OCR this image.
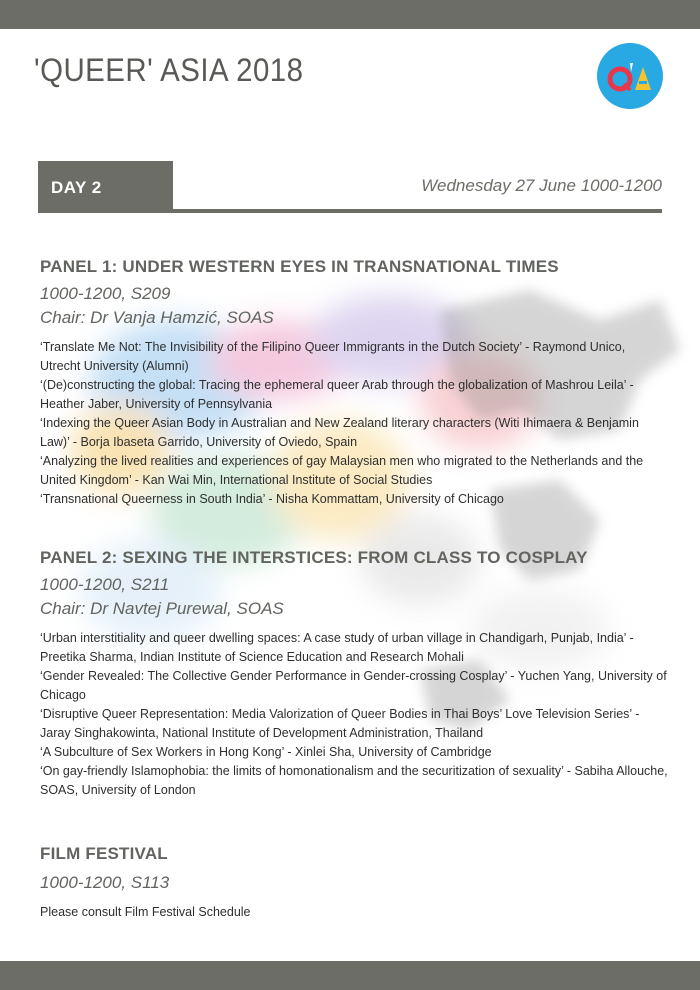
'QUEER' ASIA 2018
DAY 2	Wednesday 27 June 1000-1200
PANEL 1: UNDER WESTERN EYES IN TRANSNATIONAL TIMES
1000-1200, S209
Chair: Dr Vanja Hamzić, SOAS
‘Translate Me Not: The Invisibility of the Filipino Queer Immigrants in the Dutch Society’ - Raymond Unico, Utrecht University (Alumni)
‘(De)constructing the global: Tracing the ephemeral queer Arab through the globalization of Mashrou Leila’ - Heather Jaber, University of Pennsylvania
‘Indexing the Queer Asian Body in Australian and New Zealand literary characters (Witi Ihimaera & Benjamin Law)’ - Borja Ibaseta Garrido, University of Oviedo, Spain
‘Analyzing the lived realities and experiences of gay Malaysian men who migrated to the Netherlands and the United Kingdom’ - Kan Wai Min, International Institute of Social Studies
‘Transnational Queerness in South India’ - Nisha Kommattam, University of Chicago
PANEL 2: SEXING THE INTERSTICES: FROM CLASS TO COSPLAY
1000-1200, S211
Chair: Dr Navtej Purewal, SOAS
‘Urban interstitiality and queer dwelling spaces: A case study of urban village in Chandigarh, Punjab, India’ - Preetika Sharma, Indian Institute of Science Education and Research Mohali
‘Gender Revealed: The Collective Gender Performance in Gender-crossing Cosplay’ - Yuchen Yang, University of Chicago
‘Disruptive Queer Representation: Media Valorization of Queer Bodies in Thai Boys’ Love Television Series’ - Jaray Singhakowinta, National Institute of Development Administration, Thailand
‘A Subculture of Sex Workers in Hong Kong’ - Xinlei Sha, University of Cambridge
‘On gay-friendly Islamophobia: the limits of homonationalism and the securitization of sexuality’ - Sabiha Allouche, SOAS, University of London
FILM FESTIVAL
1000-1200, S113
Please consult Film Festival Schedule
